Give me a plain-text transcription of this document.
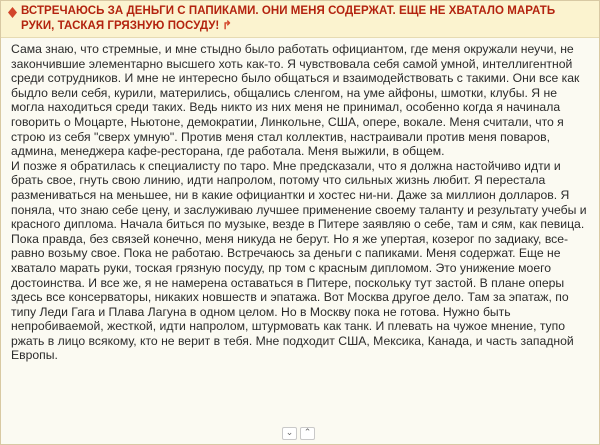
ВСТРЕЧАЮСЬ ЗА ДЕНЬГИ С ПАПИКАМИ. ОНИ МЕНЯ СОДЕРЖАТ. ЕЩЕ НЕ ХВАТАЛО МАРАТЬ РУКИ, ТАСКАЯ ГРЯЗНУЮ ПОСУДУ! ↱

Сама знаю, что стремные, и мне стыдно было работать официантом, где меня окружали неучи, не закончившие элементарно высшего хоть как-то. Я чувствовала себя самой умной, интеллигентной среди сотрудников. И мне не интересно было общаться и взаимодействовать с такими. Они все как быдло вели себя, курили, матерились, общались сленгом, на уме айфоны, шмотки, клубы. Я не могла находиться среди таких. Ведь никто из них меня не принимал, особенно когда я начинала говорить о Моцарте, Ньютоне, демократии, Линкольне, США, опере, вокале. Меня считали, что я строю из себя "сверх умную". Против меня стал коллектив, настраивали против меня поваров, админа, менеджера кафе-ресторана, где работала. Меня выжили, в общем.

И позже я обратилась к специалисту по таро. Мне предсказали, что я должна настойчиво идти и брать свое, гнуть свою линию, идти напролом, потому что сильных жизнь любит. Я перестала размениваться на меньшее, ни в какие официантки и хостес ни-ни. Даже за миллион долларов. Я поняла, что знаю себе цену, и заслуживаю лучшее применение своему таланту и результату учебы и красного диплома. Начала биться по музыке, везде в Питере заявляю о себе, там и сям, как певица. Пока правда, без связей конечно, меня никуда не берут. Но я же упертая, козерог по задиаку, все-равно возьму свое. Пока не работаю. Встречаюсь за деньги с папиками. Меня содержат. Еще не хватало марать руки, тоская грязную посуду, пр том с красным дипломом. Это унижение моего достоинства. И все же, я не намерена оставаться в Питере, поскольку тут застой. В плане оперы здесь все консерваторы, никаких новшеств и эпатажа. Вот Москва другое дело. Там за эпатаж, по типу Леди Гага и Плава Лагуна в одном целом. Но в Москву пока не готова. Нужно быть непробиваемой, жесткой, идти напролом, штурмовать как танк. И плевать на чужое мнение, тупо ржать в лицо всякому, кто не верит в тебя. Мне подходит США, Мексика, Канада, и часть западной Европы.

⌄	⌃
